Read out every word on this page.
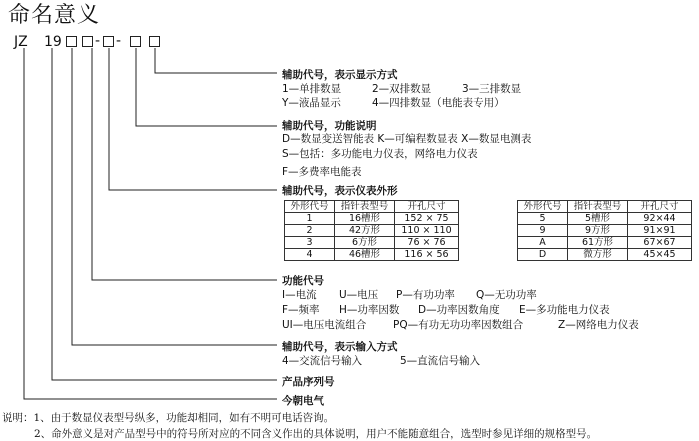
命名意义
JZ 19 - -
辅助代号，表示显示方式
1—单排数显	2—双排数显	3—三排数显
Y—液晶显示	4—四排数显（电能表专用）
辅助代号，功能说明
D—数显变送智能表 K—可编程数显表 X—数显电测表
S—包括：多功能电力仪表，网络电力仪表
F—多费率电能表
辅助代号，表示仪表外形
外形代号	指针表型号	开孔尺寸
1	16槽形	152 × 75
2	42方形	110 × 110
3	6方形	76 × 76
4	46槽形	116 × 56
外形代号	指针表型号	开孔尺寸
5	5槽形	92×44
9	9方形	91×91
A	61方形	67×67
D	微方形	45×45
功能代号
I—电流 U—电压 P—有功功率 Q—无功功率
F—频率 H—功率因数 D—功率因数角度 E—多功能电力仪表
UI—电压电流组合	PQ—有功无功功率因数组合	Z—网络电力仪表
辅助代号，表示输入方式
4—交流信号输入	5—直流信号输入
产品序列号
今朝电气
说明：1、由于数显仪表型号纵多，功能却相同，如有不明可电话咨询。
2、命外意义是对产品型号中的符号所对应的不同含义作出的具体说明，用户不能随意组合，选型时参见详细的规格型号。
